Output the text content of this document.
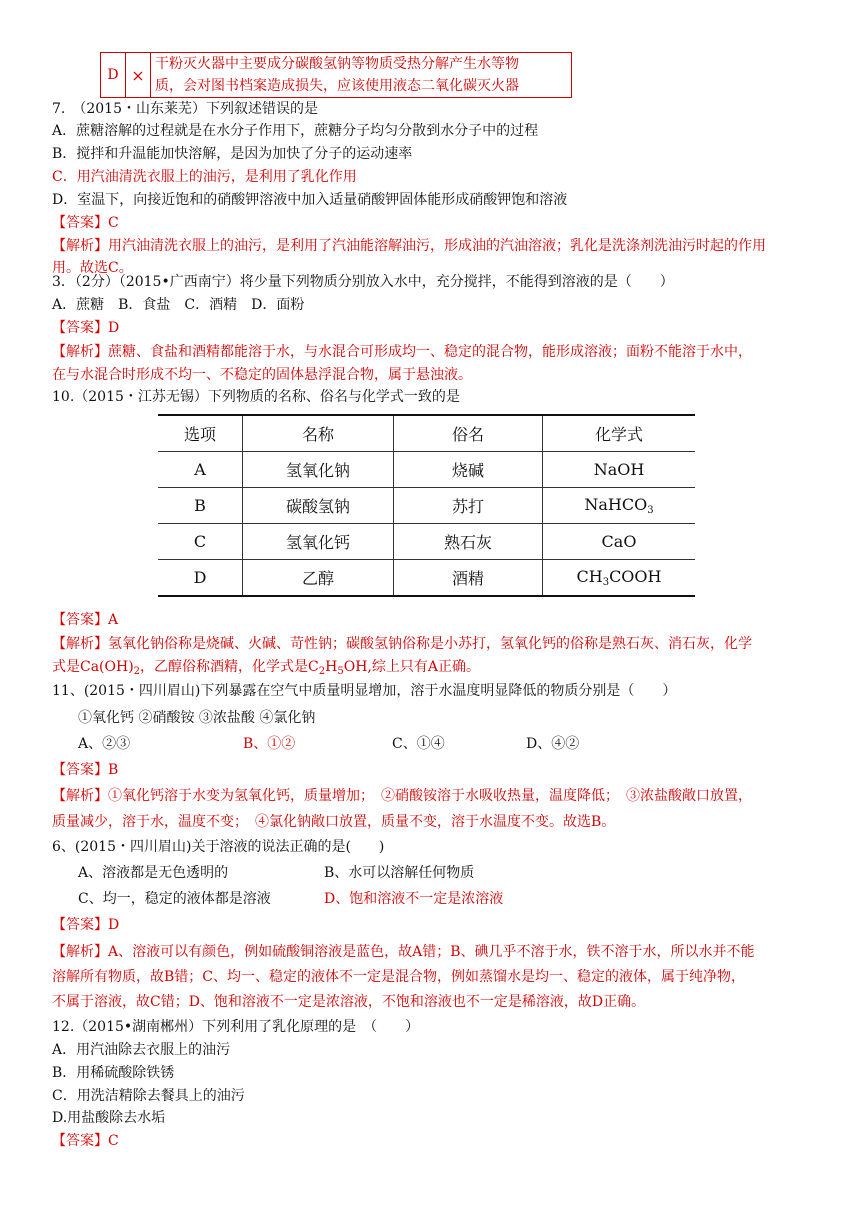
D	×	
干粉灭火器中主要成分碳酸氢钠等物质受热分解产生水等物
质，会对图书档案造成损失，应该使用液态二氧化碳灭火器
7.　（2015・山东莱芜）下列叙述错误的是
A．蔗糖溶解的过程就是在水分子作用下，蔗糖分子均匀分散到水分子中的过程
B．搅拌和升温能加快溶解，是因为加快了分子的运动速率
C．用汽油清洗衣服上的油污，是利用了乳化作用
D．室温下，向接近饱和的硝酸钾溶液中加入适量硝酸钾固体能形成硝酸钾饱和溶液
【答案】C
【解析】用汽油清洗衣服上的油污，是利用了汽油能溶解油污，形成油的汽油溶液；乳化是洗涤剂洗油污时起的作用
用。故选C。
3．（2分）（2015•广西南宁）将少量下列物质分别放入水中，充分搅拌，不能得到溶液的是（　　）
A．蔗糖　B．食盐　C．酒精　D．面粉
【答案】D
【解析】蔗糖、食盐和酒精都能溶于水，与水混合可形成均一、稳定的混合物，能形成溶液；面粉不能溶于水中，
在与水混合时形成不均一、不稳定的固体悬浮混合物，属于悬浊液。
10.（2015・江苏无锡）下列物质的名称、俗名与化学式一致的是
选项	名称	俗名	化学式
A	氢氧化钠	烧碱	NaOH
B	碳酸氢钠	苏打	NaHCO$_3$
C	氢氧化钙	熟石灰	CaO
D	乙醇	酒精	$CH_3COOH$
【答案】A
【解析】氢氧化钠俗称是烧碱、火碱、苛性钠；碳酸氢钠俗称是小苏打，氢氧化钙的俗称是熟石灰、消石灰，化学
式是$Ca(OH)_2$，乙醇俗称酒精，化学式是$C_2H_5OH$,综上只有A正确。
11、(2015・四川眉山)下列暴露在空气中质量明显增加，溶于水温度明显降低的物质分别是（　　）
①氧化钙 ②硝酸铵 ③浓盐酸 ④氯化钠
A、②③	B、①②	C、①④	D、④②
【答案】B
【解析】①氧化钙溶于水变为氢氧化钙，质量增加；　②硝酸铵溶于水吸收热量，温度降低；　③浓盐酸敞口放置，
质量减少，溶于水，温度不变；　④氯化钠敞口放置，质量不变，溶于水温度不变。故选B。
6、(2015・四川眉山)关于溶液的说法正确的是(　　)
A、溶液都是无色透明的	B、水可以溶解任何物质
C、均一，稳定的液体都是溶液	D、饱和溶液不一定是浓溶液
【答案】D
【解析】A、溶液可以有颜色，例如硫酸铜溶液是蓝色，故A错；B、碘几乎不溶于水，铁不溶于水，所以水并不能
溶解所有物质，故B错；C、均一、稳定的液体不一定是混合物，例如蒸馏水是均一、稳定的液体，属于纯净物，
不属于溶液，故C错；D、饱和溶液不一定是浓溶液，不饱和溶液也不一定是稀溶液，故D正确。
12.（2015•湖南郴州）下列利用了乳化原理的是　（　　）
A．用汽油除去衣服上的油污
B．用稀硫酸除铁锈
C．用洗洁精除去餐具上的油污
D.用盐酸除去水垢
【答案】C
